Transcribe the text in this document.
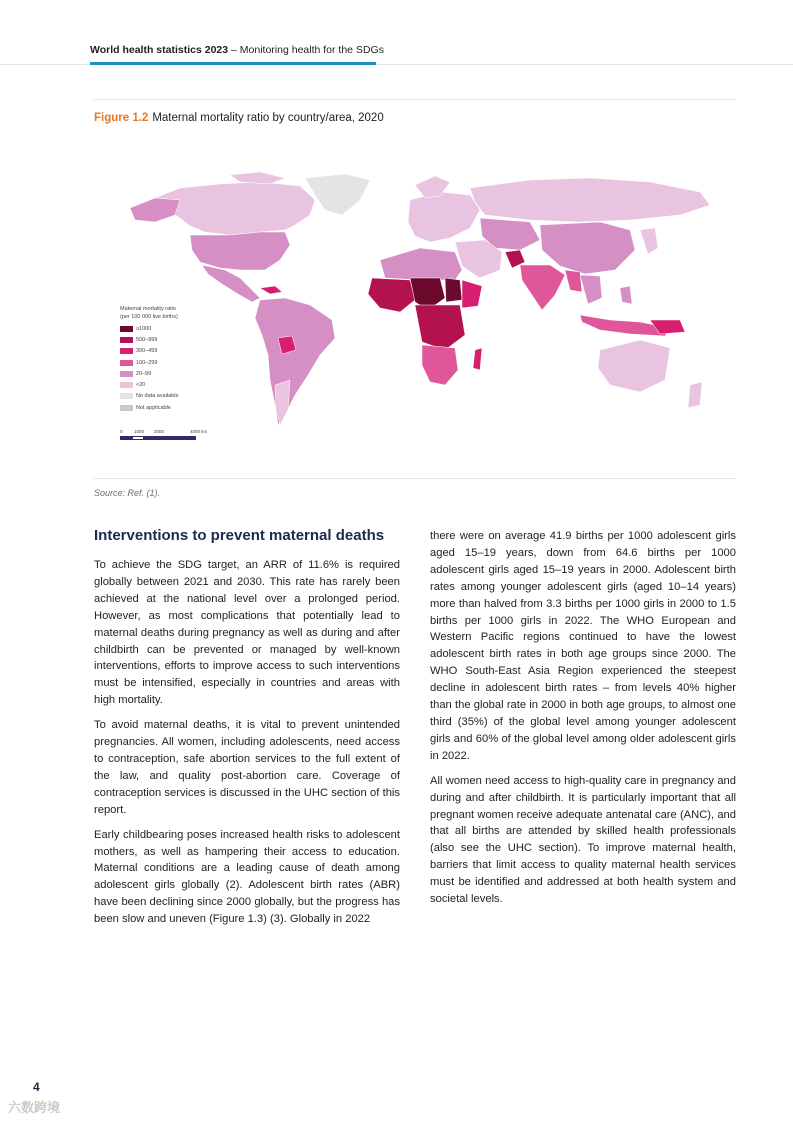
World health statistics 2023 – Monitoring health for the SDGs
Figure 1.2 Maternal mortality ratio by country/area, 2020
Maternal mortality ratio
(per 100 000 live births)
≥1000
500–999
300–499
100–299
20–99
<20
No data available
Not applicable
0	1000 2000	4000 km
Source: Ref. (1).
Interventions to prevent maternal deaths

To achieve the SDG target, an ARR of 11.6% is required globally between 2021 and 2030. This rate has rarely been achieved at the national level over a prolonged period. However, as most complications that potentially lead to maternal deaths during pregnancy as well as during and after childbirth can be prevented or managed by well-known interventions, efforts to improve access to such interventions must be intensified, especially in countries and areas with high mortality.

To avoid maternal deaths, it is vital to prevent unintended pregnancies. All women, including adolescents, need access to contraception, safe abortion services to the full extent of the law, and quality post-abortion care. Coverage of contraception services is discussed in the UHC section of this report.

Early childbearing poses increased health risks to adolescent mothers, as well as hampering their access to education. Maternal conditions are a leading cause of death among adolescent girls globally (2). Adolescent birth rates (ABR) have been declining since 2000 globally, but the progress has been slow and uneven (Figure 1.3) (3). Globally in 2022

there were on average 41.9 births per 1000 adolescent girls aged 15–19 years, down from 64.6 births per 1000 adolescent girls aged 15–19 years in 2000. Adolescent birth rates among younger adolescent girls (aged 10–14 years) more than halved from 3.3 births per 1000 girls in 2000 to 1.5 births per 1000 girls in 2022. The WHO European and Western Pacific regions continued to have the lowest adolescent birth rates in both age groups since 2000. The WHO South-East Asia Region experienced the steepest decline in adolescent birth rates – from levels 40% higher than the global rate in 2000 in both age groups, to almost one third (35%) of the global level among younger adolescent girls and 60% of the global level among older adolescent girls in 2022.

All women need access to high-quality care in pregnancy and during and after childbirth. It is particularly important that all pregnant women receive adequate antenatal care (ANC), and that all births are attended by skilled health professionals (also see the UHC section). To improve maternal health, barriers that limit access to quality maternal health services must be identified and addressed at both health system and societal levels.

4
六数跨境
